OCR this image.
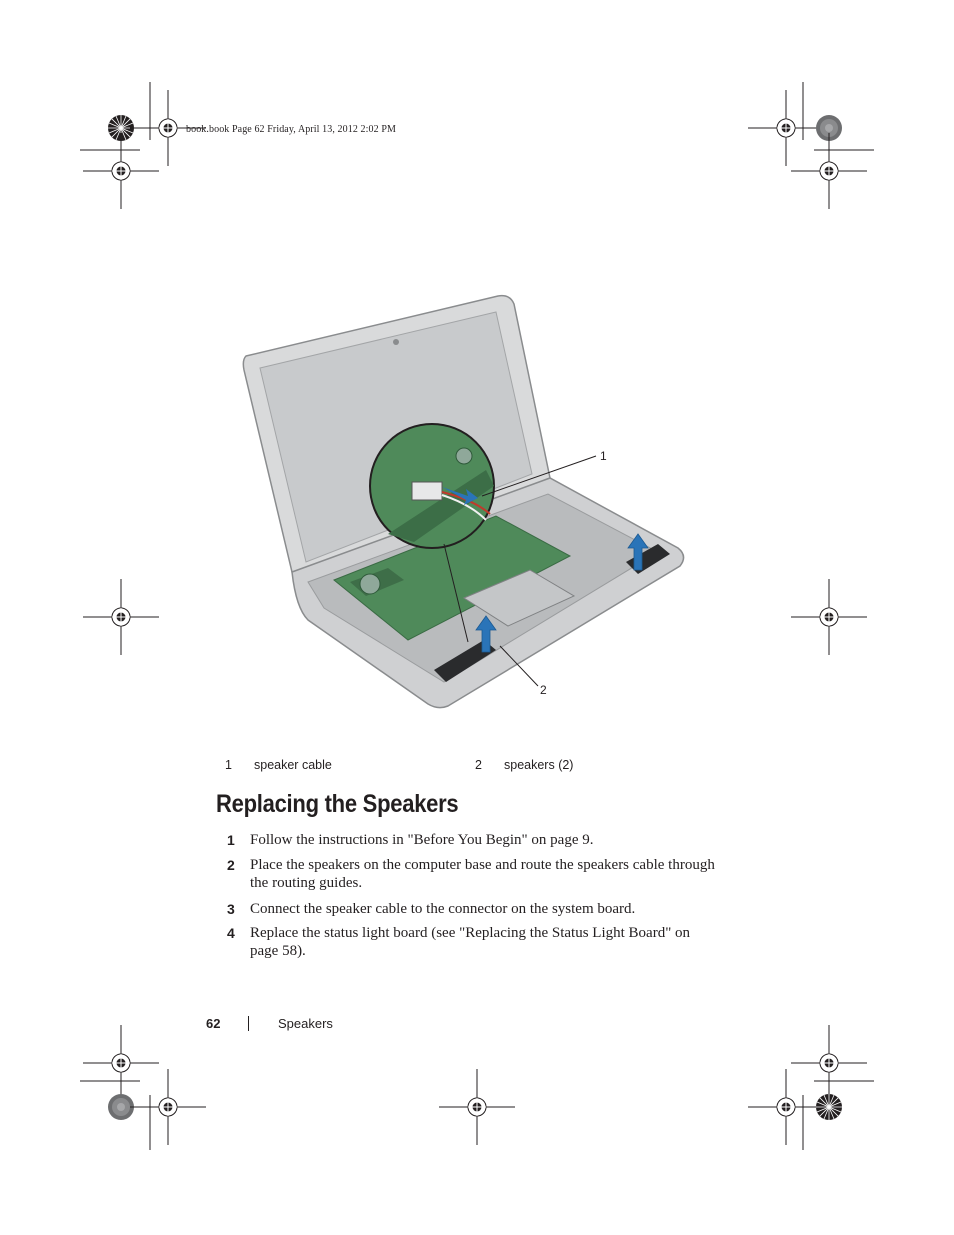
book.book Page 62 Friday, April 13, 2012 2:02 PM
1
2
1 speaker cable	2 speakers (2)
Replacing the Speakers
1 Follow the instructions in "Before You Begin" on page 9.
2 Place the speakers on the computer base and route the speakers cable through the routing guides.
3 Connect the speaker cable to the connector on the system board.
4 Replace the status light board (see "Replacing the Status Light Board" on page 58).
62	Speakers
